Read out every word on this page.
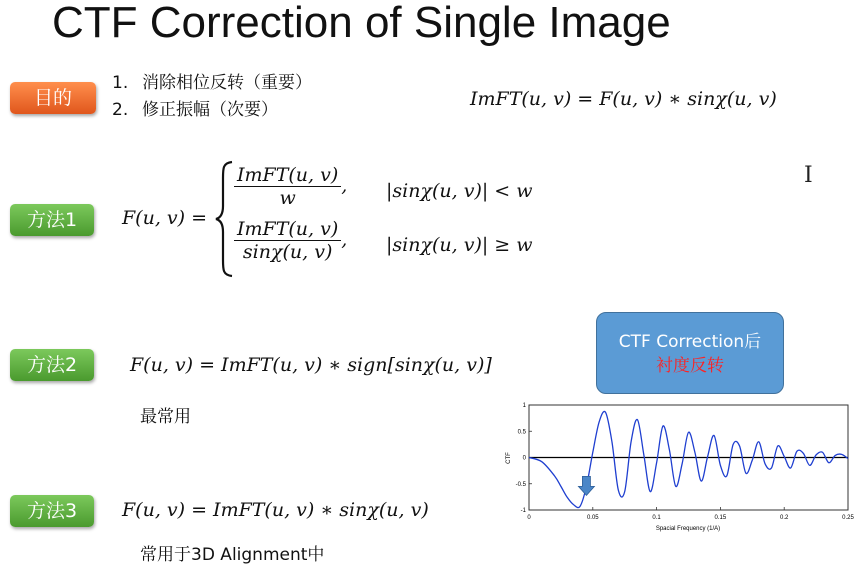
CTF Correction of Single Image
目的
1. 消除相位反转（重要）
2. 修正振幅（次要）	ImFT(u, v) = F(u, v) ∗ sinχ(u, v)
方法1	F(u, v) =
$\frac{\text{ImFT(u, v)}}{w}$ , |sinχ(u, v)| < w
$\frac{\text{ImFT(u, v)}}{\sin\chi(u, v)}$ , |sinχ(u, v)| ≥ w
方法2	F(u, v) = ImFT(u, v) ∗ sign[sinχ(u, v)]
最常用
方法3	F(u, v) = ImFT(u, v) ∗ sinχ(u, v)
常用于3D Alignment中
CTF Correction后
衬度反转
I
0	0.05	0.1	0.15	0.2	0.25
-1
-0.5
0
0.5
1
Spacial Frequency (1/A)
CTF
